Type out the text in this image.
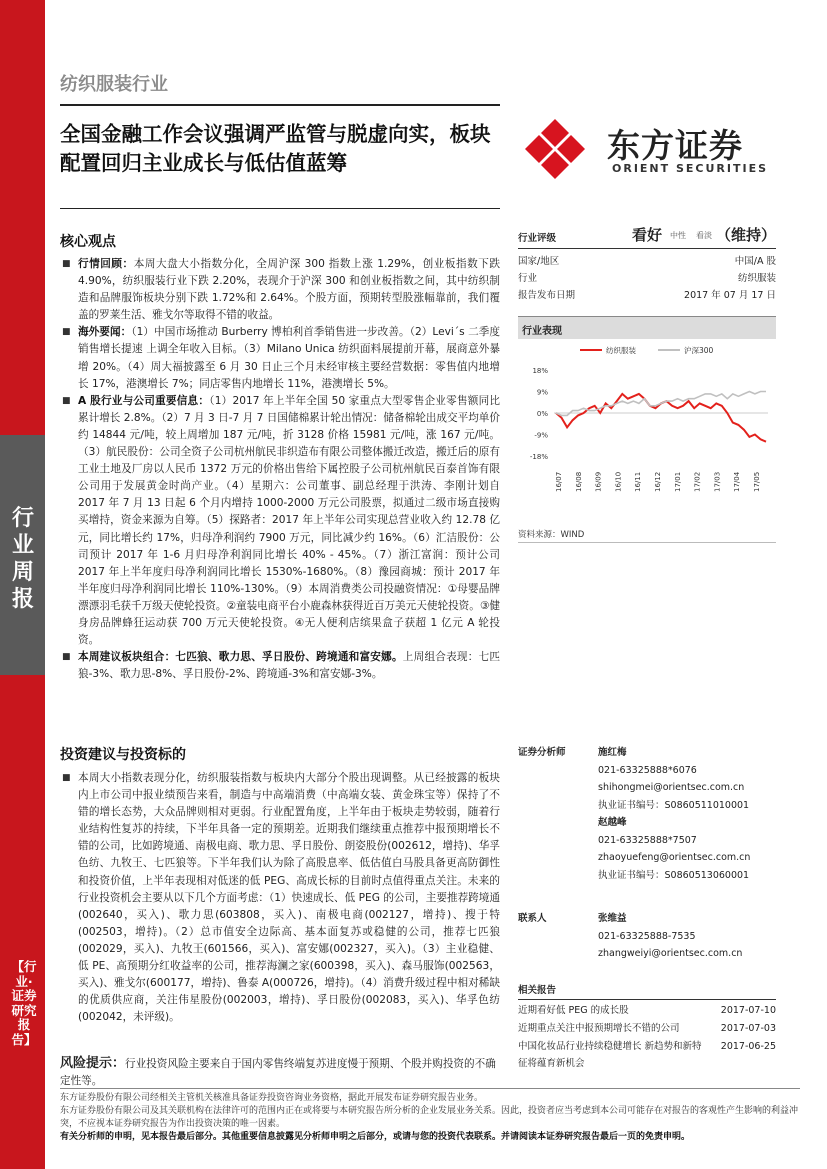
行业周报
【行业·证券研究报告】
纺织服装行业
全国金融工作会议强调严监管与脱虚向实，板块配置回归主业成长与低估值蓝筹	东方证券
ORIENT SECURITIES
核心观点

■ 行情回顾：本周大盘大小指数分化，全周沪深 300 指数上涨 1.29%，创业板指数下跌 4.90%，纺织服装行业下跌 2.20%，表现介于沪深 300 和创业板指数之间，其中纺织制造和品牌服饰板块分别下跌 1.72%和 2.64%。个股方面，预期转型股涨幅靠前，我们覆盖的罗莱生活、雅戈尔等取得不错的收益。

■ 海外要闻：（1）中国市场推动 Burberry 博柏利首季销售进一步改善。（2）Levi´s 二季度销售增长提速 上调全年收入目标。（3）Milano Unica 纺织面料展提前开幕，展商意外暴增 20%。（4）周大福披露至 6 月 30 日止三个月未经审核主要经营数据：零售值内地增长 17%，港澳增长 7%；同店零售内地增长 11%，港澳增长 5%。

■ A 股行业与公司重要信息：（1）2017 年上半年全国 50 家重点大型零售企业零售额同比累计增长 2.8%。（2）7 月 3 日-7 月 7 日国储棉累计轮出情况：储备棉轮出成交平均单价约 14844 元/吨，较上周增加 187 元/吨，折 3128 价格 15981 元/吨，涨 167 元/吨。（3）航民股份：公司全资子公司杭州航民非织造布有限公司整体搬迁改造，搬迁后的原有工业土地及厂房以人民币 1372 万元的价格出售给下属控股子公司杭州航民百泰首饰有限公司用于发展黄金时尚产业。（4）星期六：公司董事、副总经理于洪涛、李刚计划自 2017 年 7 月 13 日起 6 个月内增持 1000-2000 万元公司股票，拟通过二级市场直接购买增持，资金来源为自筹。（5）探路者：2017 年上半年公司实现总营业收入约 12.78 亿元，同比增长约 17%，归母净利润约 7900 万元，同比减少约 16%。（6）汇洁股份：公司预计 2017 年 1-6 月归母净利润同比增长 40% - 45%。（7）浙江富润：预计公司 2017 年上半年度归母净利润同比增长 1530%-1680%。（8）豫园商城：预计 2017 年半年度归母净利润同比增长 110%-130%。（9）本周消费类公司投融资情况：①母婴品牌漂漂羽毛获千万级天使轮投资。②童装电商平台小鹿森林获得近百万美元天使轮投资。③健身房品牌蜂狂运动获 700 万元天使轮投资。④无人便利店缤果盒子获超 1 亿元 A 轮投资。

■ 本周建议板块组合：七匹狼、歌力思、孚日股份、跨境通和富安娜。上周组合表现：七匹狼-3%、歌力思-8%、孚日股份-2%、跨境通-3%和富安娜-3%。

投资建议与投资标的

■ 本周大小指数表现分化，纺织服装指数与板块内大部分个股出现调整。从已经披露的板块内上市公司中报业绩预告来看，制造与中高端消费（中高端女装、黄金珠宝等）保持了不错的增长态势，大众品牌则相对更弱。行业配置角度，上半年由于板块走势较弱，随着行业结构性复苏的持续，下半年具备一定的预期差。近期我们继续重点推荐中报预期增长不错的公司，比如跨境通、南极电商、歌力思、孚日股份、朗姿股份(002612，增持)、华孚色纺、九牧王、七匹狼等。下半年我们认为除了高股息率、低估值白马股具备更高防御性和投资价值，上半年表现相对低迷的低 PEG、高成长标的目前时点值得重点关注。未来的行业投资机会主要从以下几个方面考虑：（1）快速成长、低 PEG 的公司，主要推荐跨境通(002640，买入)、歌力思(603808，买入)、南极电商(002127，增持)、搜于特(002503，增持)。（2）总市值安全边际高、基本面复苏或稳健的公司，推荐七匹狼(002029，买入)、九牧王(601566，买入)、富安娜(002327，买入)。（3）主业稳健、低 PE、高预期分红收益率的公司，推荐海澜之家(600398，买入)、森马服饰(002563，买入)、雅戈尔(600177，增持)、鲁泰 A(000726，增持)。（4）消费升级过程中相对稀缺的优质供应商，关注伟星股份(002003，增持)、孚日股份(002083，买入)、华孚色纺(002042，未评级)。

风险提示：行业投资风险主要来自于国内零售终端复苏进度慢于预期、个股并购投资的不确定性等。
行业评级	看好 中性 看淡 （维持）
国家/地区	中国/A 股
行业	纺织服装
报告发布日期	2017 年 07 月 17 日
行业表现
纺织服装	沪深300
18%
9%
0%
-9%
-18%
16/07 16/08 16/09 16/10 16/11 16/12 17/01 17/02 17/03 17/04 17/05
资料来源：WIND
证券分析师	施红梅
021-63325888*6076
shihongmei@orientsec.com.cn
执业证书编号：S0860511010001
赵越峰
021-63325888*7507
zhaoyuefeng@orientsec.com.cn
执业证书编号：S0860513060001
联系人	张维益
021-63325888-7535
zhangweiyi@orientsec.com.cn
相关报告
近期看好低 PEG 的成长股	2017-07-10
近期重点关注中报预期增长不错的公司	2017-07-03
中国化妆品行业持续稳健增长 新趋势和新特征将蕴育新机会
2017-06-25
东方证券股份有限公司经相关主管机关核准具备证券投资咨询业务资格，据此开展发布证券研究报告业务。
东方证券股份有限公司及其关联机构在法律许可的范围内正在或将要与本研究报告所分析的企业发展业务关系。因此，投资者应当考虑到本公司可能存在对报告的客观性产生影响的利益冲突，不应视本证券研究报告为作出投资决策的唯一因素。
有关分析师的申明，见本报告最后部分。其他重要信息披露见分析师申明之后部分，或请与您的投资代表联系。并请阅读本证券研究报告最后一页的免责申明。
